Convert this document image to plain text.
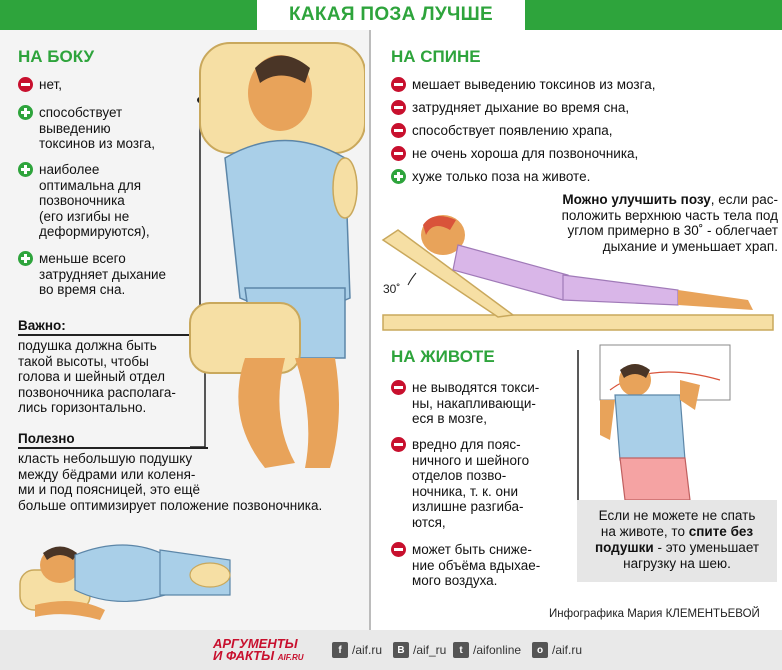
КАКАЯ ПОЗА ЛУЧШЕ
НА БОКУ
нет,
способствует
выведению
токсинов из мозга,
наиболее
оптимальна для
позвоночника
(его изгибы не
деформируются),
меньше всего
затрудняет дыхание
во время сна.
Важно:
подушка должна быть
такой высоты, чтобы
голова и шейный отдел
позвоночника располага-
лись горизонтально.
Полезно
класть небольшую подушку
между бёдрами или коленя-
ми и под поясницей, это ещё
больше оптимизирует положение позвоночника.
НА СПИНЕ
мешает выведению токсинов из мозга,
затрудняет дыхание во время сна,
способствует появлению храпа,
не очень хороша для позвоночника,
хуже только поза на животе.
Можно улучшить позу, если рас-
положить верхнюю часть тела под
углом примерно в 30˚ - облегчает
дыхание и уменьшает храп.
30˚
НА ЖИВОТЕ
не выводятся токси-
ны, накапливающи-
еся в мозге,
вредно для пояс-
ничного и шейного
отделов позво-
ночника, т. к. они
излишне разгиба-
ются,
может быть сниже-
ние объёма вдыхае-
мого воздуха.
Если не можете не спать
на животе, то спите без
подушки - это уменьшает
нагрузку на шею.
Инфографика Мария КЛЕМЕНТЬЕВОЙ
АРГУМЕНТЫ
И ФАКТЫ AIF.RU
f /aif.ru	В /aif_ru	t /aifonline	o /aif.ru
